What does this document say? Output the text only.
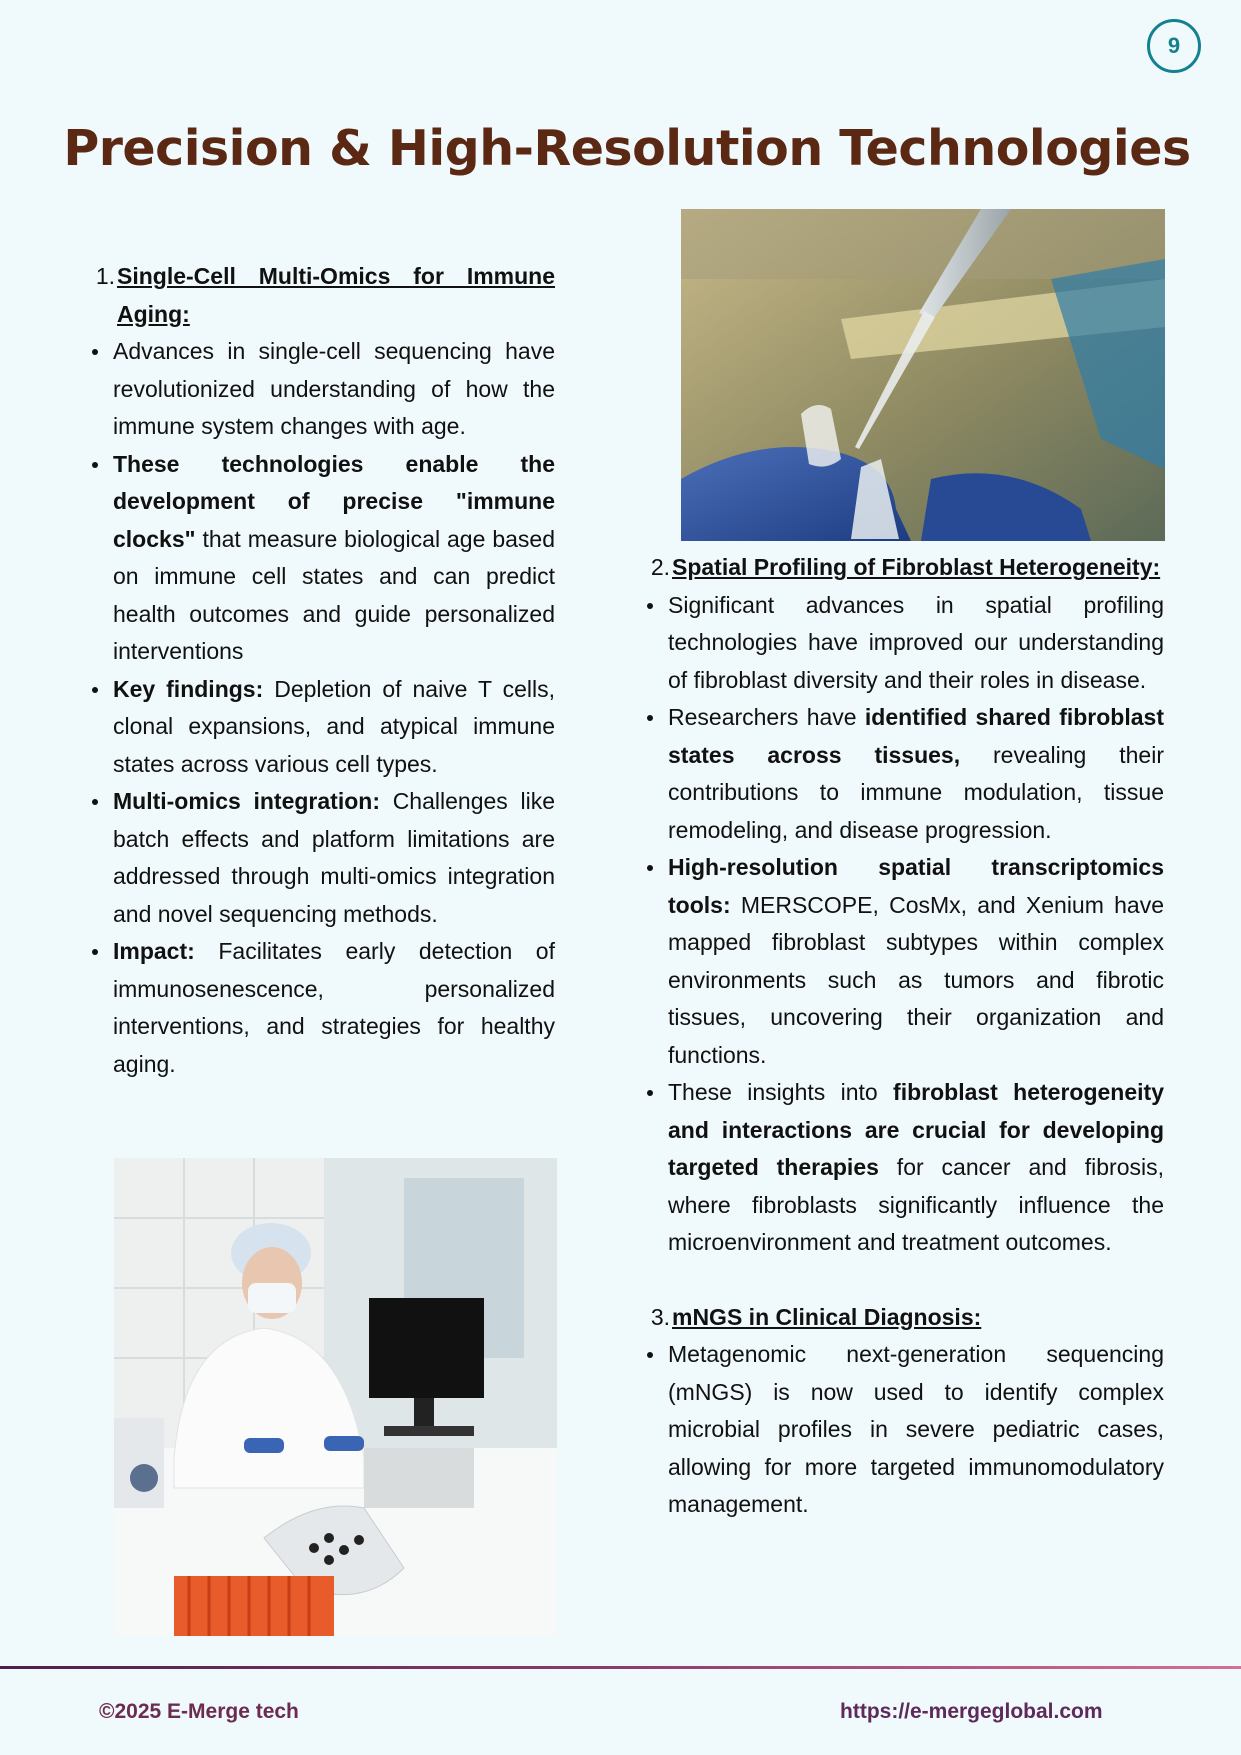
9
Precision & High-Resolution Technologies
1. Single-Cell Multi-Omics for Immune Aging:
Advances in single-cell sequencing have revolutionized understanding of how the immune system changes with age.
These technologies enable the development of precise "immune clocks" that measure biological age based on immune cell states and can predict health outcomes and guide personalized interventions
Key findings: Depletion of naive T cells, clonal expansions, and atypical immune states across various cell types.
Multi-omics integration: Challenges like batch effects and platform limitations are addressed through multi-omics integration and novel sequencing methods.
Impact: Facilitates early detection of immunosenescence, personalized interventions, and strategies for healthy aging.
2. Spatial Profiling of Fibroblast Heterogeneity:
Significant advances in spatial profiling technologies have improved our understanding of fibroblast diversity and their roles in disease.
Researchers have identified shared fibroblast states across tissues, revealing their contributions to immune modulation, tissue remodeling, and disease progression.
High-resolution spatial transcriptomics tools: MERSCOPE, CosMx, and Xenium have mapped fibroblast subtypes within complex environments such as tumors and fibrotic tissues, uncovering their organization and functions.
These insights into fibroblast heterogeneity and interactions are crucial for developing targeted therapies for cancer and fibrosis, where fibroblasts significantly influence the microenvironment and treatment outcomes.
3. mNGS in Clinical Diagnosis:
Metagenomic next-generation sequencing (mNGS) is now used to identify complex microbial profiles in severe pediatric cases, allowing for more targeted immunomodulatory management.
©2025 E-Merge tech	https://e-mergeglobal.com
